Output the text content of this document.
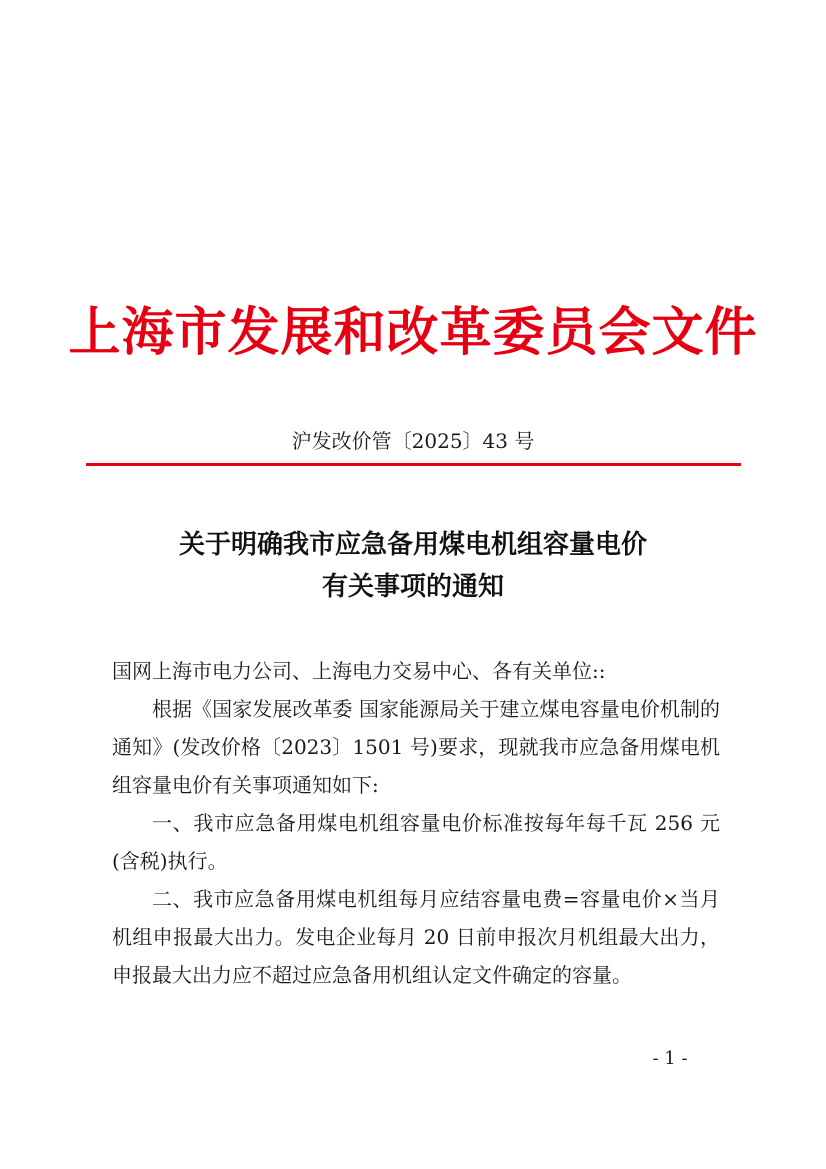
上海市发展和改革委员会文件
沪发改价管〔2025〕43 号
关于明确我市应急备用煤电机组容量电价
有关事项的通知

国网上海市电力公司、上海电力交易中心、各有关单位::

根据《国家发展改革委 国家能源局关于建立煤电容量电价机制的通知》(发改价格〔2023〕1501 号)要求，现就我市应急备用煤电机组容量电价有关事项通知如下:

一、我市应急备用煤电机组容量电价标准按每年每千瓦 256 元(含税)执行。

二、我市应急备用煤电机组每月应结容量电费=容量电价×当月机组申报最大出力。发电企业每月 20 日前申报次月机组最大出力，申报最大出力应不超过应急备用机组认定文件确定的容量。

- 1 -
